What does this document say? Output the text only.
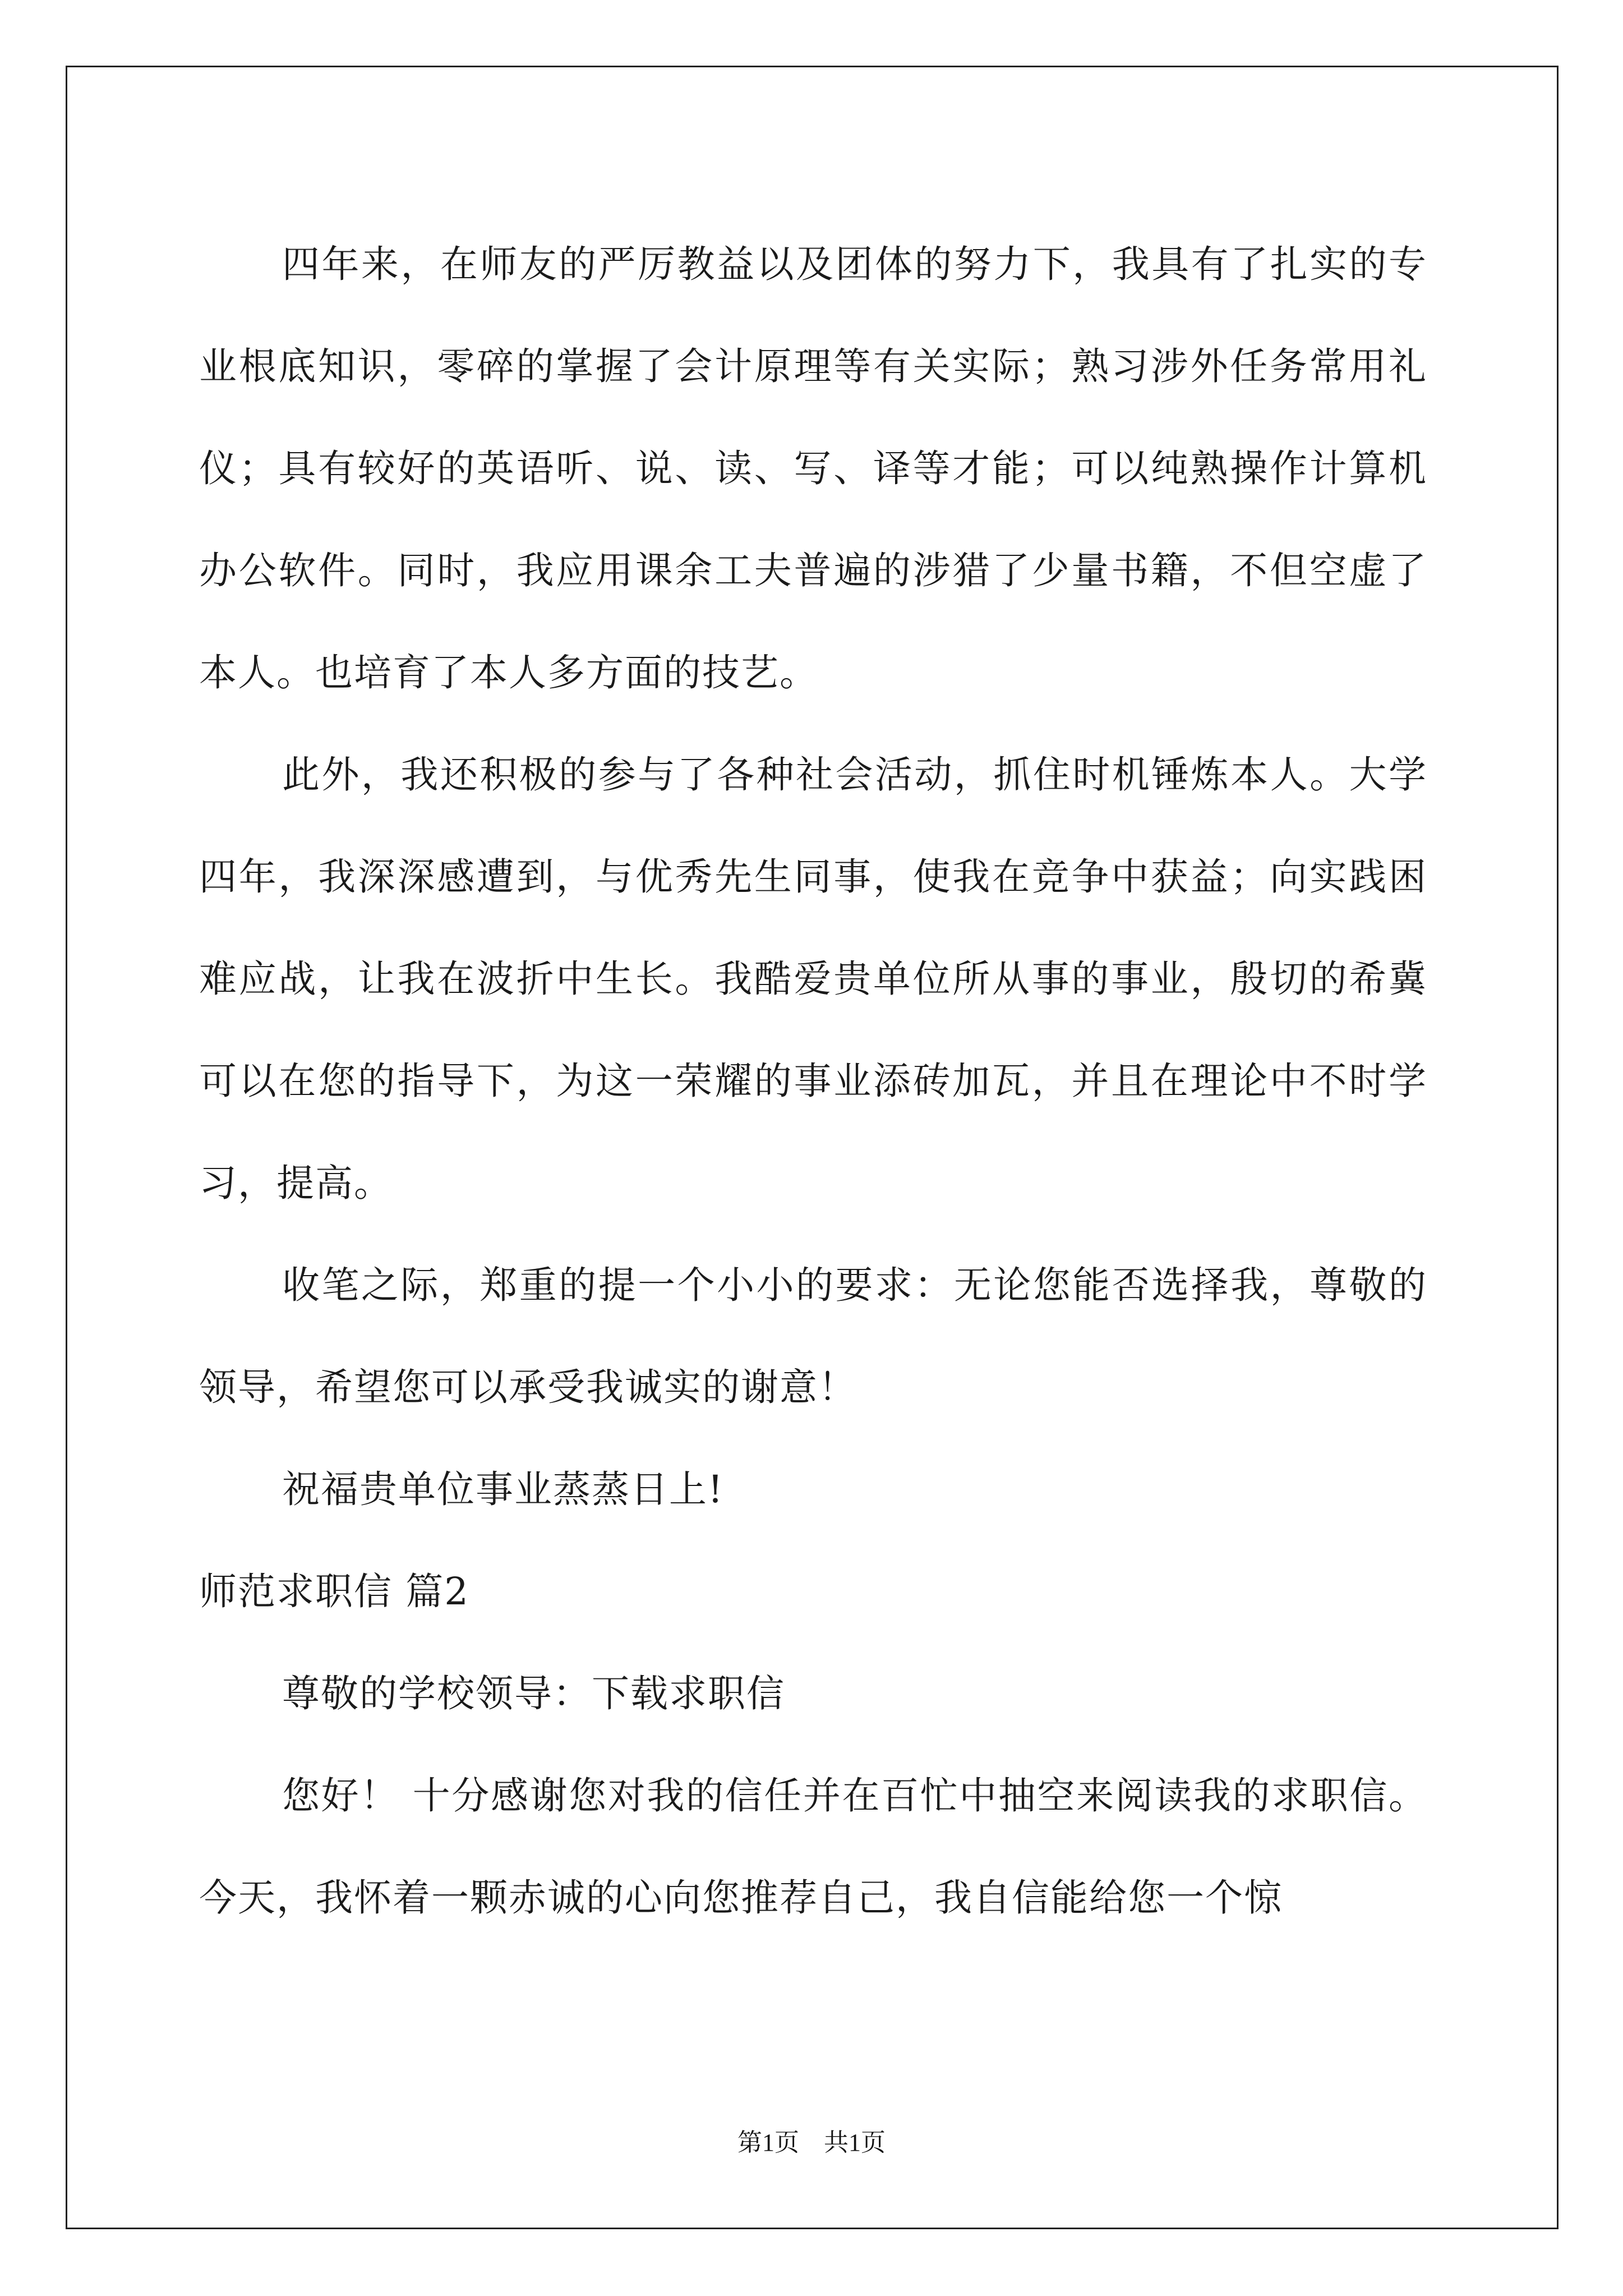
四年来，在师友的严厉教益以及团体的努力下，我具有了扎实的专业根底知识，零碎的掌握了会计原理等有关实际；熟习涉外任务常用礼仪；具有较好的英语听、说、读、写、译等才能；可以纯熟操作计算机办公软件。同时，我应用课余工夫普遍的涉猎了少量书籍，不但空虚了本人。也培育了本人多方面的技艺。

此外，我还积极的参与了各种社会活动，抓住时机锤炼本人。大学四年，我深深感遭到，与优秀先生同事，使我在竞争中获益；向实践困难应战，让我在波折中生长。我酷爱贵单位所从事的事业，殷切的希冀可以在您的指导下，为这一荣耀的事业添砖加瓦，并且在理论中不时学习，提高。

收笔之际，郑重的提一个小小的要求：无论您能否选择我，尊敬的领导，希望您可以承受我诚实的谢意！

祝福贵单位事业蒸蒸日上!

师范求职信 篇2

尊敬的学校领导：下载求职信

您好！ 十分感谢您对我的信任并在百忙中抽空来阅读我的求职信。今天，我怀着一颗赤诚的心向您推荐自己，我自信能给您一个惊

第1页　共1页
